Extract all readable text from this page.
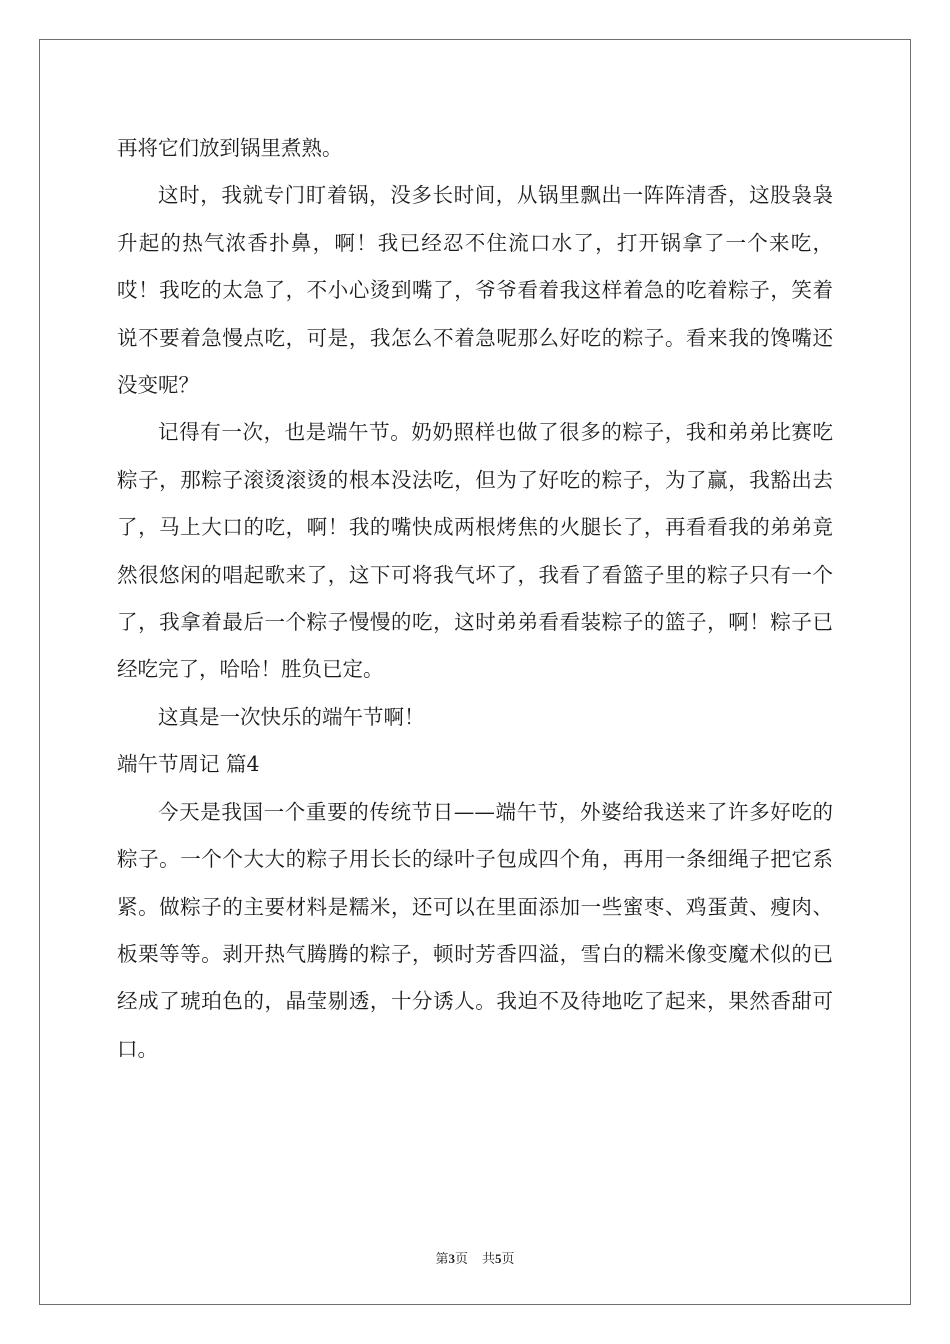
再将它们放到锅里煮熟。

这时，我就专门盯着锅，没多长时间，从锅里飘出一阵阵清香，这股袅袅升起的热气浓香扑鼻，啊！我已经忍不住流口水了，打开锅拿了一个来吃，哎！我吃的太急了，不小心烫到嘴了，爷爷看着我这样着急的吃着粽子，笑着说不要着急慢点吃，可是，我怎么不着急呢那么好吃的粽子。看来我的馋嘴还没变呢？

记得有一次，也是端午节。奶奶照样也做了很多的粽子，我和弟弟比赛吃粽子，那粽子滚烫滚烫的根本没法吃，但为了好吃的粽子，为了赢，我豁出去了，马上大口的吃，啊！我的嘴快成两根烤焦的火腿长了，再看看我的弟弟竟然很悠闲的唱起歌来了，这下可将我气坏了，我看了看篮子里的粽子只有一个了，我拿着最后一个粽子慢慢的吃，这时弟弟看看装粽子的篮子，啊！粽子已经吃完了，哈哈！胜负已定。

这真是一次快乐的端午节啊！

端午节周记 篇4

今天是我国一个重要的传统节日——端午节，外婆给我送来了许多好吃的粽子。一个个大大的粽子用长长的绿叶子包成四个角，再用一条细绳子把它系紧。做粽子的主要材料是糯米，还可以在里面添加一些蜜枣、鸡蛋黄、瘦肉、板栗等等。剥开热气腾腾的粽子，顿时芳香四溢，雪白的糯米像变魔术似的已经成了琥珀色的，晶莹剔透，十分诱人。我迫不及待地吃了起来，果然香甜可口。

第3页 共5页
